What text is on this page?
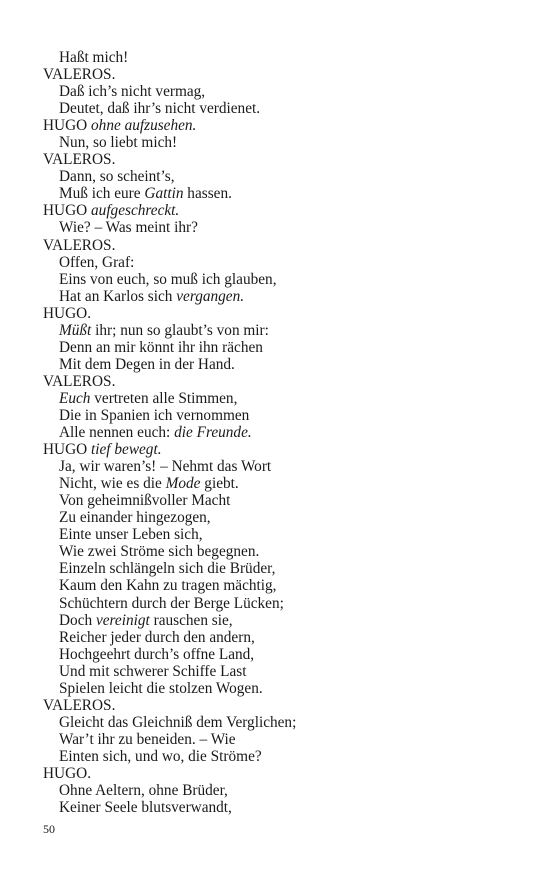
Haßt mich!
VALEROS.
Daß ich’s nicht vermag,
Deutet, daß ihr’s nicht verdienet.
HUGO ohne aufzusehen.
Nun, so liebt mich!
VALEROS.
Dann, so scheint’s,
Muß ich eure Gattin hassen.
HUGO aufgeschreckt.
Wie? – Was meint ihr?
VALEROS.
Offen, Graf:
Eins von euch, so muß ich glauben,
Hat an Karlos sich vergangen.
HUGO.
Müßt ihr; nun so glaubt’s von mir:
Denn an mir könnt ihr ihn rächen
Mit dem Degen in der Hand.
VALEROS.
Euch vertreten alle Stimmen,
Die in Spanien ich vernommen
Alle nennen euch: die Freunde.
HUGO tief bewegt.
Ja, wir waren’s! – Nehmt das Wort
Nicht, wie es die Mode giebt.
Von geheimnißvoller Macht
Zu einander hingezogen,
Einte unser Leben sich,
Wie zwei Ströme sich begegnen.
Einzeln schlängeln sich die Brüder,
Kaum den Kahn zu tragen mächtig,
Schüchtern durch der Berge Lücken;
Doch vereinigt rauschen sie,
Reicher jeder durch den andern,
Hochgeehrt durch’s offne Land,
Und mit schwerer Schiffe Last
Spielen leicht die stolzen Wogen.
VALEROS.
Gleicht das Gleichniß dem Verglichen;
War’t ihr zu beneiden. – Wie
Einten sich, und wo, die Ströme?
HUGO.
Ohne Aeltern, ohne Brüder,
Keiner Seele blutsverwandt,
50
